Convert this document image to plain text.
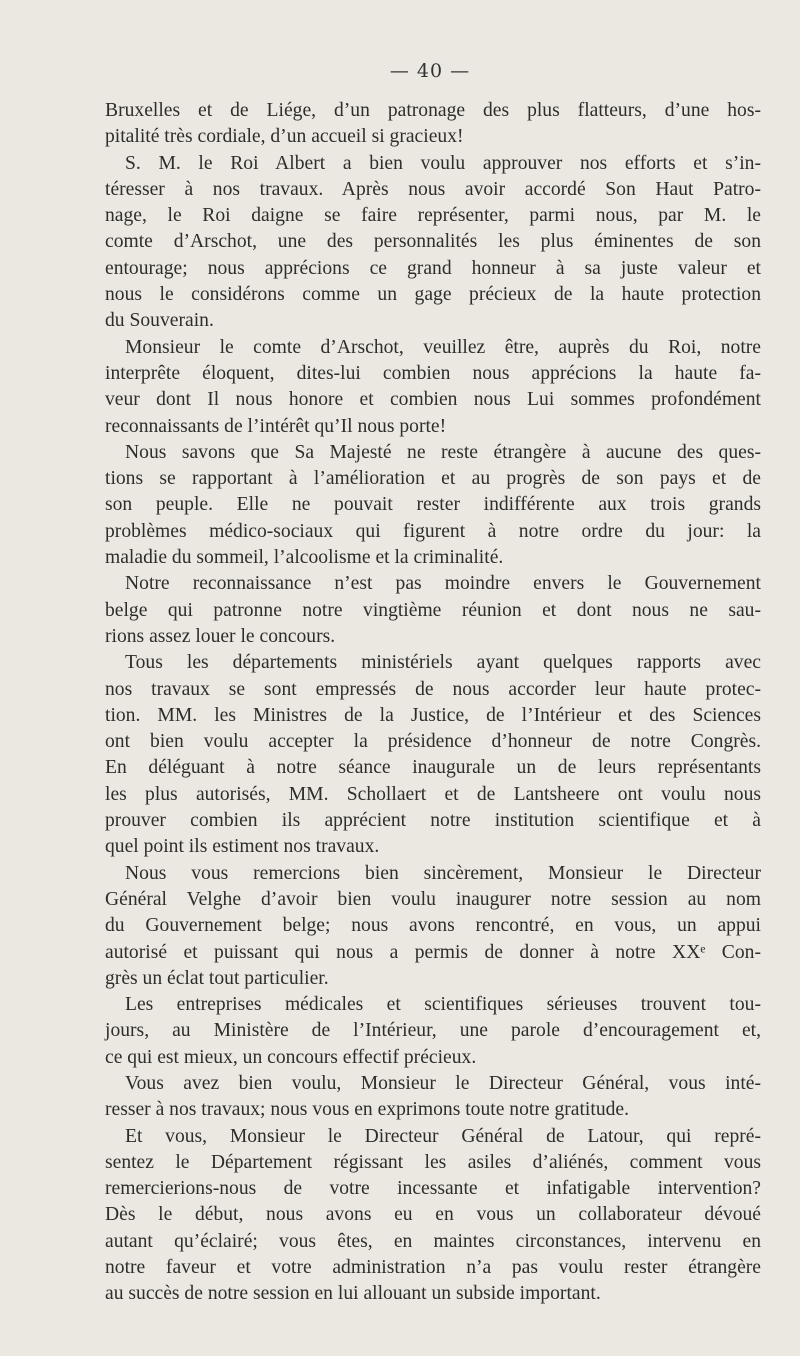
— 40 —
Bruxelles et de Liége, d’un patronage des plus flatteurs, d’une hos-
pitalité très cordiale, d’un accueil si gracieux!
S. M. le Roi Albert a bien voulu approuver nos efforts et s’in-
téresser à nos travaux. Après nous avoir accordé Son Haut Patro-
nage, le Roi daigne se faire représenter, parmi nous, par M. le
comte d’Arschot, une des personnalités les plus éminentes de son
entourage; nous apprécions ce grand honneur à sa juste valeur et
nous le considérons comme un gage précieux de la haute protection
du Souverain.
Monsieur le comte d’Arschot, veuillez être, auprès du Roi, notre
interprête éloquent, dites-lui combien nous apprécions la haute fa-
veur dont Il nous honore et combien nous Lui sommes profondément
reconnaissants de l’intérêt qu’Il nous porte!
Nous savons que Sa Majesté ne reste étrangère à aucune des ques-
tions se rapportant à l’amélioration et au progrès de son pays et de
son peuple. Elle ne pouvait rester indifférente aux trois grands
problèmes médico-sociaux qui figurent à notre ordre du jour: la
maladie du sommeil, l’alcoolisme et la criminalité.
Notre reconnaissance n’est pas moindre envers le Gouvernement
belge qui patronne notre vingtième réunion et dont nous ne sau-
rions assez louer le concours.
Tous les départements ministériels ayant quelques rapports avec
nos travaux se sont empressés de nous accorder leur haute protec-
tion. MM. les Ministres de la Justice, de l’Intérieur et des Sciences
ont bien voulu accepter la présidence d’honneur de notre Congrès.
En déléguant à notre séance inaugurale un de leurs représentants
les plus autorisés, MM. Schollaert et de Lantsheere ont voulu nous
prouver combien ils apprécient notre institution scientifique et à
quel point ils estiment nos travaux.
Nous vous remercions bien sincèrement, Monsieur le Directeur
Général Velghe d’avoir bien voulu inaugurer notre session au nom
du Gouvernement belge; nous avons rencontré, en vous, un appui
autorisé et puissant qui nous a permis de donner à notre XXᵉ Con-
grès un éclat tout particulier.
Les entreprises médicales et scientifiques sérieuses trouvent tou-
jours, au Ministère de l’Intérieur, une parole d’encouragement et,
ce qui est mieux, un concours effectif précieux.
Vous avez bien voulu, Monsieur le Directeur Général, vous inté-
resser à nos travaux; nous vous en exprimons toute notre gratitude.
Et vous, Monsieur le Directeur Général de Latour, qui repré-
sentez le Département régissant les asiles d’aliénés, comment vous
remercierions-nous de votre incessante et infatigable intervention?
Dès le début, nous avons eu en vous un collaborateur dévoué
autant qu’éclairé; vous êtes, en maintes circonstances, intervenu en
notre faveur et votre administration n’a pas voulu rester étrangère
au succès de notre session en lui allouant un subside important.
